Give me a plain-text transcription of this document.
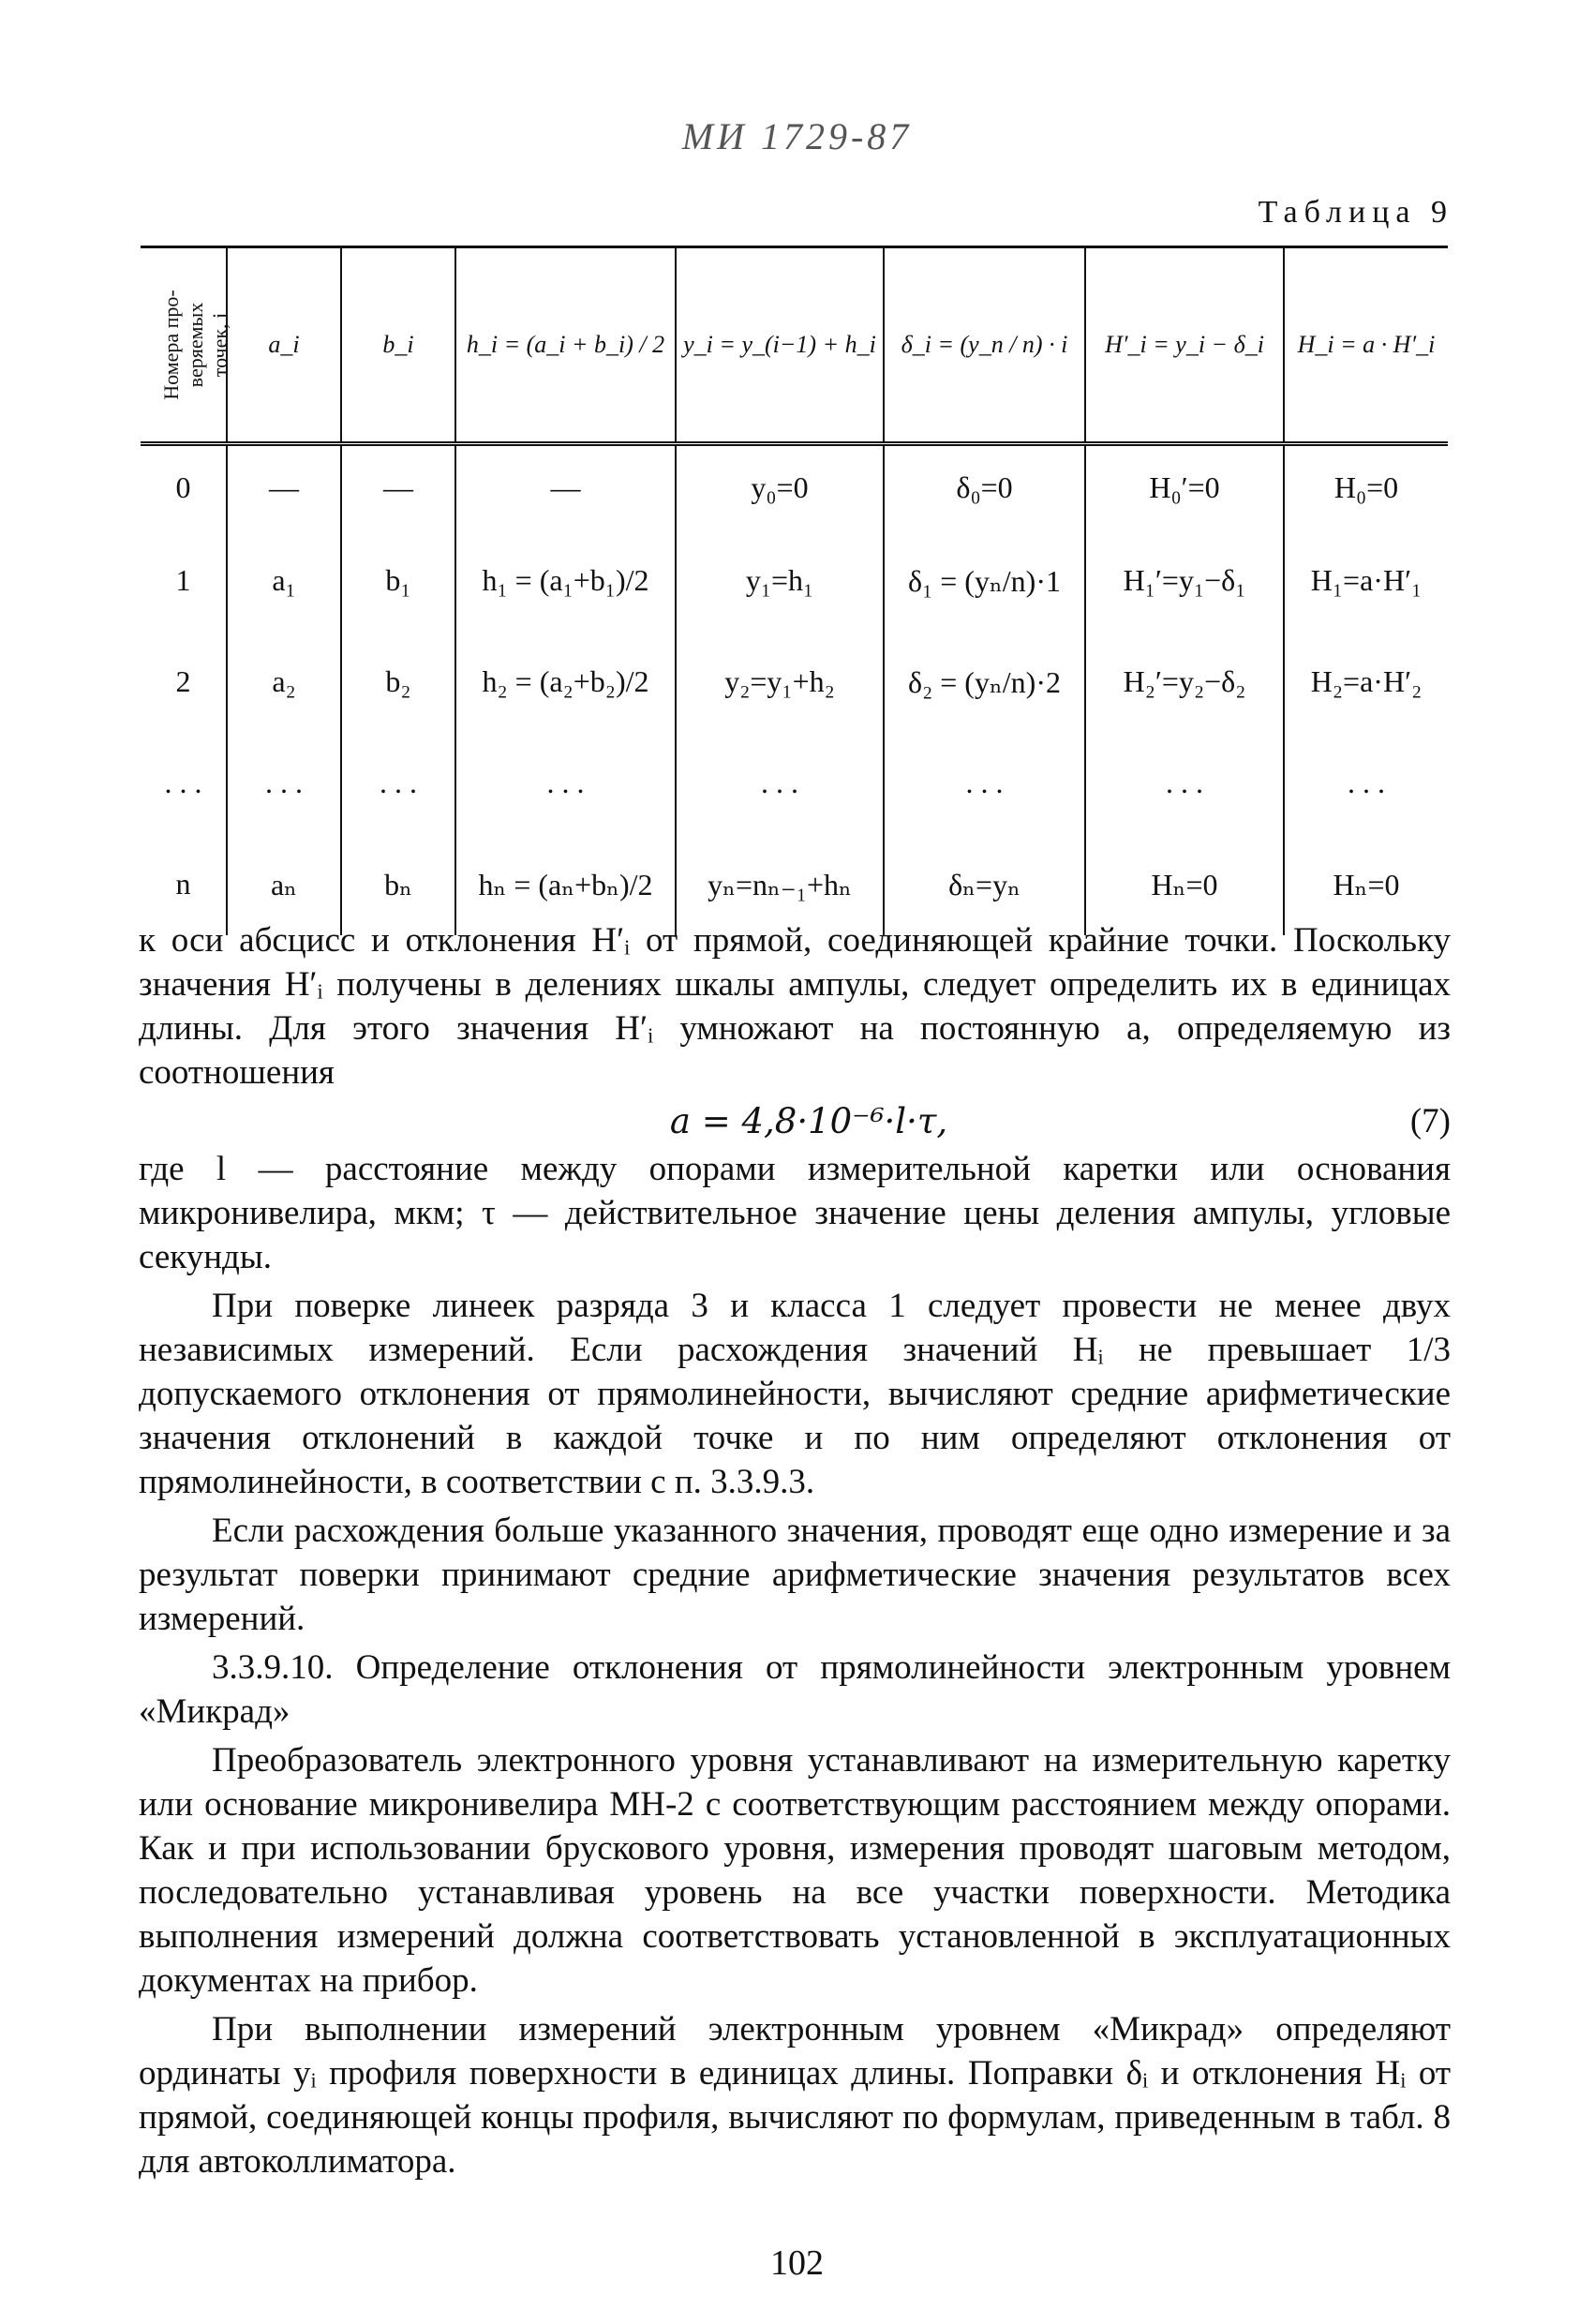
МИ 1729-87
Таблица 9
Номера про- веряемых точек, i	a_i	b_i	h_i = (a_i + b_i) / 2	y_i = y_(i−1) + h_i	δ_i = (y_n / n) · i	H′_i = y_i − δ_i	H_i = a · H′_i
0	—	—	—	y₀=0	δ₀=0	H₀′=0	H₀=0
1	a₁	b₁	h₁ = (a₁+b₁)/2	y₁=h₁	δ₁ = (yₙ/n)·1	H₁′=y₁−δ₁	H₁=a·H′₁
2	a₂	b₂	h₂ = (a₂+b₂)/2	y₂=y₁+h₂	δ₂ = (yₙ/n)·2	H₂′=y₂−δ₂	H₂=a·H′₂
. . .	. . .	. . .	. . .	. . .	. . .	. . .	. . .
n	aₙ	bₙ	hₙ = (aₙ+bₙ)/2	yₙ=nₙ₋₁+hₙ	δₙ=yₙ	Hₙ=0	Hₙ=0

к оси абсцисс и отклонения H′ᵢ от прямой, соединяющей крайние точки. Поскольку значения H′ᵢ получены в делениях шкалы ампулы, следует определить их в единицах длины. Для этого значения H′ᵢ умножают на постоянную a, определяемую из соотношения

a = 4,8·10⁻⁶·l·τ,	(7)

где l — расстояние между опорами измерительной каретки или основания микронивелира, мкм; τ — действительное значение цены деления ампулы, угловые секунды.

При поверке линеек разряда 3 и класса 1 следует провести не менее двух независимых измерений. Если расхождения значений Hᵢ не превышает 1/3 допускаемого отклонения от прямолинейности, вычисляют средние арифметические значения отклонений в каждой точке и по ним определяют отклонения от прямолинейности, в соответствии с п. 3.3.9.3.

Если расхождения больше указанного значения, проводят еще одно измерение и за результат поверки принимают средние арифметические значения результатов всех измерений.

3.3.9.10. Определение отклонения от прямолинейности электронным уровнем «Микрад»

Преобразователь электронного уровня устанавливают на измерительную каретку или основание микронивелира МН-2 с соответствующим расстоянием между опорами. Как и при использовании брускового уровня, измерения проводят шаговым методом, последовательно устанавливая уровень на все участки поверхности. Методика выполнения измерений должна соответствовать установленной в эксплуатационных документах на прибор.

При выполнении измерений электронным уровнем «Микрад» определяют ординаты yᵢ профиля поверхности в единицах длины. Поправки δᵢ и отклонения Hᵢ от прямой, соединяющей концы профиля, вычисляют по формулам, приведенным в табл. 8 для автоколлиматора.

102
